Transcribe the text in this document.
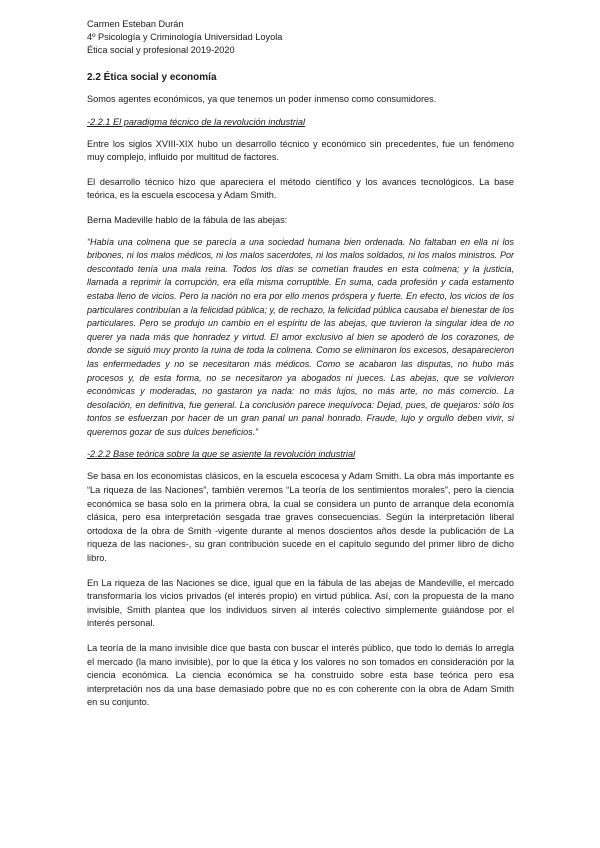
Carmen Esteban Durán
4º Psicología y Criminología Universidad Loyola
Ética social y profesional 2019-2020
2.2 Ética social y economía

Somos agentes económicos, ya que tenemos un poder inmenso como consumidores.

-2.2.1 El paradigma técnico de la revolución industrial

Entre los siglos XVIII-XIX hubo un desarrollo técnico y económico sin precedentes, fue un fenómeno muy complejo, influido por multitud de factores.

El desarrollo técnico hizo que apareciera el método científico y los avances tecnológicos. La base teórica, es la escuela escocesa y Adam Smith.

Berna Madeville hablo de la fábula de las abejas:

“Había una colmena que se parecía a una sociedad humana bien ordenada. No faltaban en ella ni los bribones, ni los malos médicos, ni los malos sacerdotes, ni los malos soldados, ni los malos ministros. Por descontado tenía una mala reina. Todos los días se cometían fraudes en esta colmena; y la justicia, llamada a reprimir la corrupción, era ella misma corruptible. En suma, cada profesión y cada estamento estaba lleno de vicios. Pero la nación no era por ello menos próspera y fuerte. En efecto, los vicios de los particulares contribuían a la felicidad pública; y, de rechazo, la felicidad pública causaba el bienestar de los particulares. Pero se produjo un cambio en el espíritu de las abejas, que tuvieron la singular idea de no querer ya nada más que honradez y virtud. El amor exclusivo al bien se apoderó de los corazones, de donde se siguió muy pronto la ruina de toda la colmena. Como se eliminaron los excesos, desaparecieron las enfermedades y no se necesitaron más médicos. Como se acabaron las disputas, no hubo más procesos y, de esta forma, no se necesitaron ya abogados ni jueces. Las abejas, que se volvieron económicas y moderadas, no gastaron ya nada: no más lujos, no más arte, no más comercio. La desolación, en definitiva, fue general. La conclusión parece inequívoca: Dejad, pues, de quejaros: sólo los tontos se esfuerzan por hacer de un gran panal un panal honrado. Fraude, lujo y orgullo deben vivir, si queremos gozar de sus dulces beneficios.”
-2.2.2 Base teórica sobre la que se asiente la revolución industrial

Se basa en los economistas clásicos, en la escuela escocesa y Adam Smith. La obra más importante es “La riqueza de las Naciones”, también veremos “La teoría de los sentimientos morales”, pero la ciencia económica se basa solo en la primera obra, la cual se considera un punto de arranque dela economía clásica, pero esa interpretación sesgada trae graves consecuencias. Según la interpretación liberal ortodoxa de la obra de Smith -vigente durante al menos doscientos años desde la publicación de La riqueza de las naciones-, su gran contribución sucede en el capítulo segundo del primer libro de dicho libro.

En La riqueza de las Naciones se dice, igual que en la fábula de las abejas de Mandeville, el mercado transformaría los vicios privados (el interés propio) en virtud pública. Así, con la propuesta de la mano invisible, Smith plantea que los individuos sirven al interés colectivo simplemente guiándose por el interés personal.

La teoría de la mano invisible dice que basta con buscar el interés público, que todo lo demás lo arregla el mercado (la mano invisible), por lo que la ética y los valores no son tomados en consideración por la ciencia económica. La ciencia económica se ha construido sobre esta base teórica pero esa interpretación nos da una base demasiado pobre que no es con coherente con la obra de Adam Smith en su conjunto.
